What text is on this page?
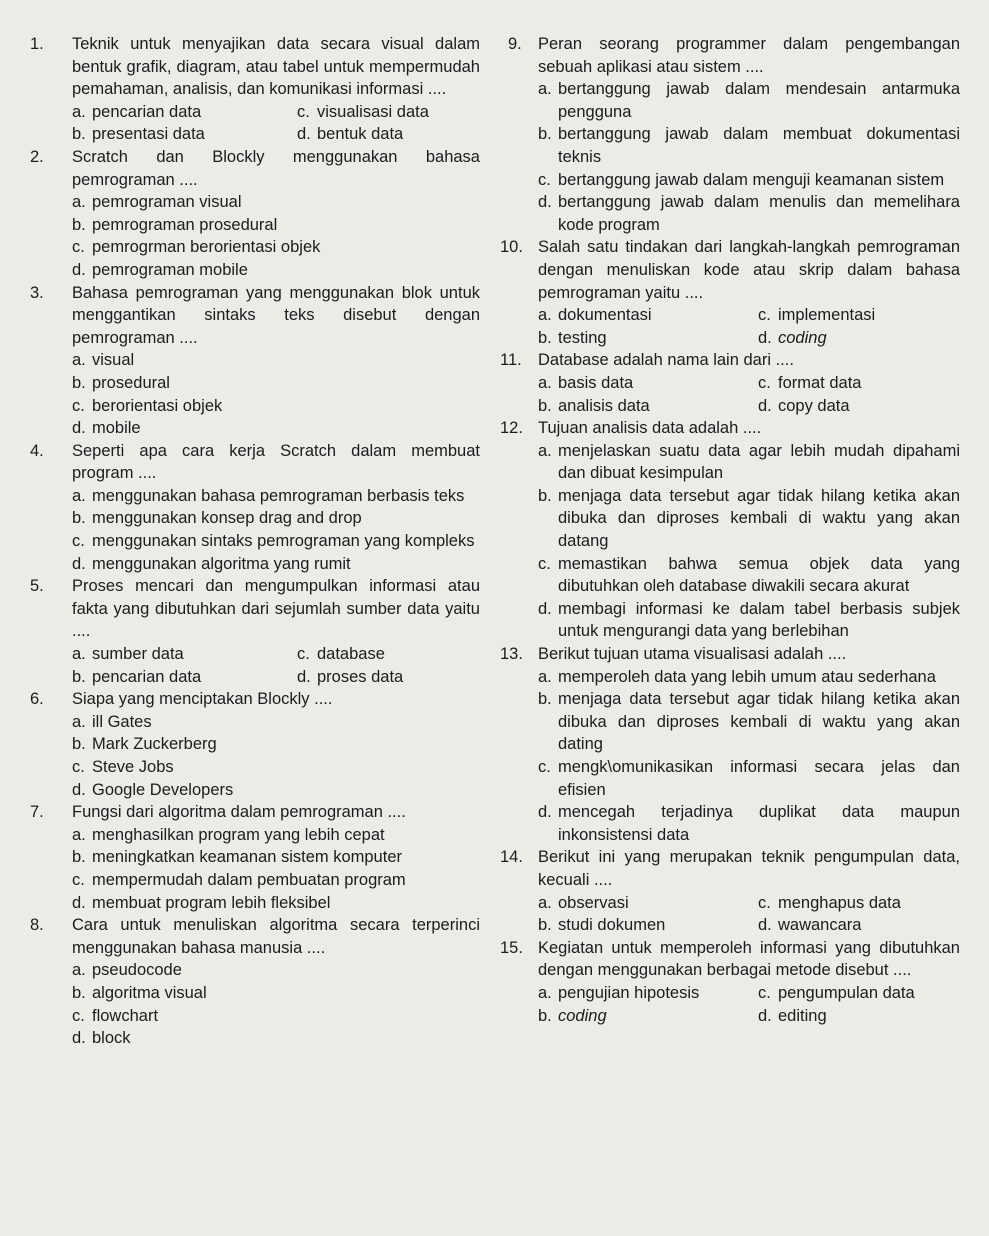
1. Teknik untuk menyajikan data secara visual dalam bentuk grafik, diagram, atau tabel untuk mempermudah pemahaman, analisis, dan komunikasi informasi ....
a. pencarian data	c. visualisasi data
b. presentasi data	d. bentuk data
2. Scratch dan Blockly menggunakan bahasa pemrograman ....
a. pemrograman visual
b. pemrograman prosedural
c. pemrogrman berorientasi objek
d. pemrograman mobile
3. Bahasa pemrograman yang menggunakan blok untuk menggantikan sintaks teks disebut dengan pemrograman ....
a. visual
b. prosedural
c. berorientasi objek
d. mobile
4. Seperti apa cara kerja Scratch dalam membuat program ....
a. menggunakan bahasa pemrograman berbasis teks
b. menggunakan konsep drag and drop
c. menggunakan sintaks pemrograman yang kompleks
d. menggunakan algoritma yang rumit
5. Proses mencari dan mengumpulkan informasi atau fakta yang dibutuhkan dari sejumlah sumber data yaitu ....
a. sumber data	c. database
b. pencarian data	d. proses data
6. Siapa yang menciptakan Blockly ....
a. ill Gates
b. Mark Zuckerberg
c. Steve Jobs
d. Google Developers
7. Fungsi dari algoritma dalam pemrograman ....
a. menghasilkan program yang lebih cepat
b. meningkatkan keamanan sistem komputer
c. mempermudah dalam pembuatan program
d. membuat program lebih fleksibel
8. Cara untuk menuliskan algoritma secara terperinci menggunakan bahasa manusia ....
a. pseudocode
b. algoritma visual
c. flowchart
d. block
9. Peran seorang programmer dalam pengembangan sebuah aplikasi atau sistem ....
a. bertanggung jawab dalam mendesain antarmuka pengguna
b. bertanggung jawab dalam membuat dokumentasi teknis
c. bertanggung jawab dalam menguji keamanan sistem
d. bertanggung jawab dalam menulis dan memelihara kode program
10. Salah satu tindakan dari langkah-langkah pemrograman dengan menuliskan kode atau skrip dalam bahasa pemrograman yaitu ....
a. dokumentasi	c. implementasi
b. testing	d. coding
11. Database adalah nama lain dari ....
a. basis data	c. format data
b. analisis data	d. copy data
12. Tujuan analisis data adalah ....
a. menjelaskan suatu data agar lebih mudah dipahami dan dibuat kesimpulan
b. menjaga data tersebut agar tidak hilang ketika akan dibuka dan diproses kembali di waktu yang akan datang
c. memastikan bahwa semua objek data yang dibutuhkan oleh database diwakili secara akurat
d. membagi informasi ke dalam tabel berbasis subjek untuk mengurangi data yang berlebihan
13. Berikut tujuan utama visualisasi adalah ....
a. memperoleh data yang lebih umum atau sederhana
b. menjaga data tersebut agar tidak hilang ketika akan dibuka dan diproses kembali di waktu yang akan dating
c. mengk\omunikasikan informasi secara jelas dan efisien
d. mencegah terjadinya duplikat data maupun inkonsistensi data
14. Berikut ini yang merupakan teknik pengumpulan data, kecuali ....
a. observasi	c. menghapus data
b. studi dokumen	d. wawancara
15. Kegiatan untuk memperoleh informasi yang dibutuhkan dengan menggunakan berbagai metode disebut ....
a. pengujian hipotesis	c. pengumpulan data
b. coding	d. editing
